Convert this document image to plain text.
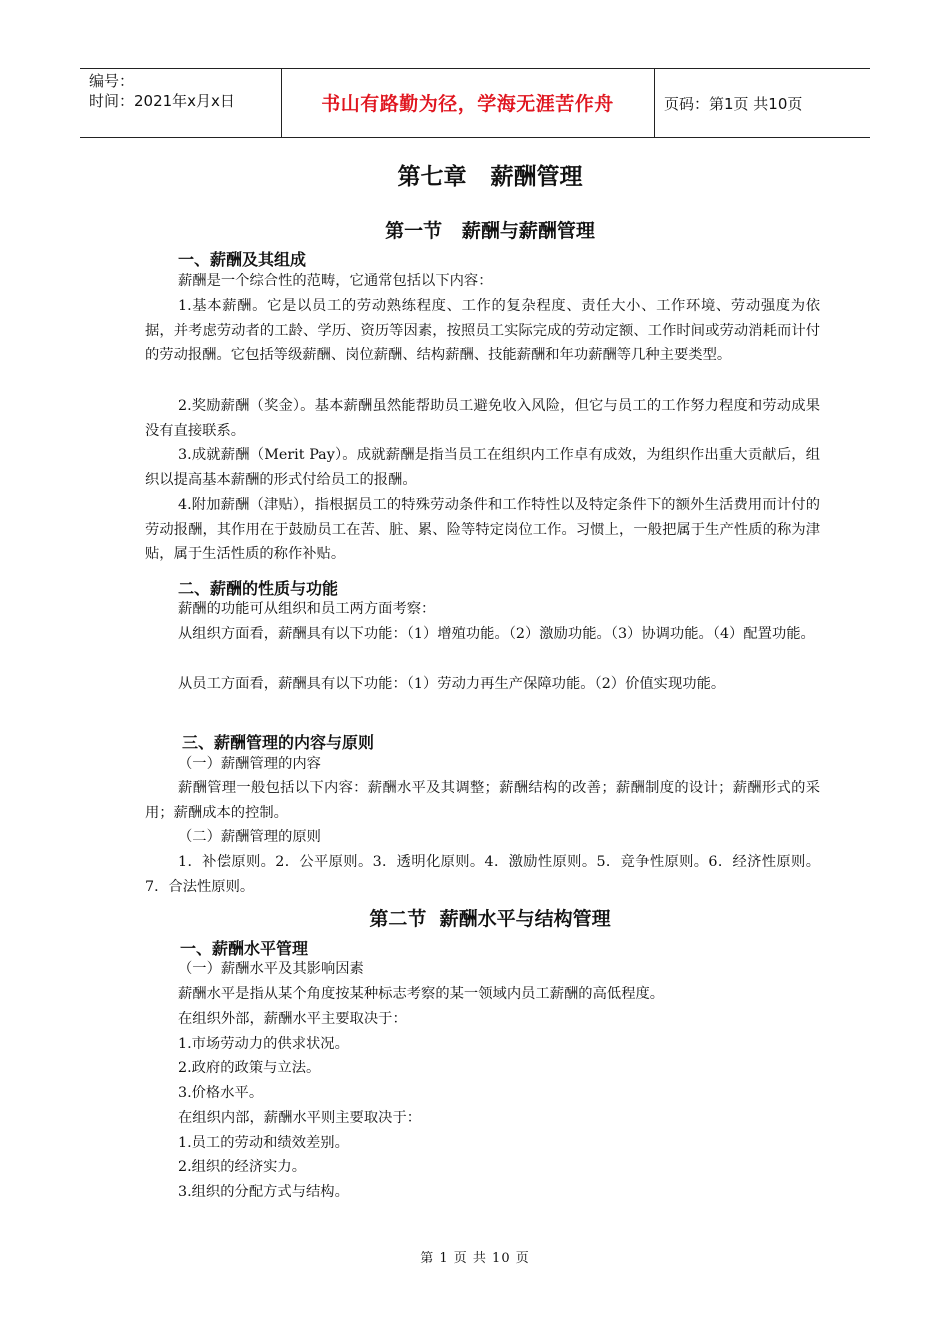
编号：
时间：2021年x月x日	书山有路勤为径，学海无涯苦作舟	页码：第1页 共10页
第七章   薪酬管理
第一节   薪酬与薪酬管理
一、薪酬及其组成

薪酬是一个综合性的范畴，它通常包括以下内容：

1.基本薪酬。它是以员工的劳动熟练程度、工作的复杂程度、责任大小、工作环境、劳动强度为依据，并考虑劳动者的工龄、学历、资历等因素，按照员工实际完成的劳动定额、工作时间或劳动消耗而计付的劳动报酬。它包括等级薪酬、岗位薪酬、结构薪酬、技能薪酬和年功薪酬等几种主要类型。

2.奖励薪酬（奖金）。基本薪酬虽然能帮助员工避免收入风险，但它与员工的工作努力程度和劳动成果没有直接联系。

3.成就薪酬（Merit Pay）。成就薪酬是指当员工在组织内工作卓有成效，为组织作出重大贡献后，组织以提高基本薪酬的形式付给员工的报酬。

4.附加薪酬（津贴），指根据员工的特殊劳动条件和工作特性以及特定条件下的额外生活费用而计付的劳动报酬，其作用在于鼓励员工在苦、脏、累、险等特定岗位工作。习惯上，一般把属于生产性质的称为津贴，属于生活性质的称作补贴。

二、薪酬的性质与功能

薪酬的功能可从组织和员工两方面考察：

从组织方面看，薪酬具有以下功能：（1）增殖功能。（2）激励功能。（3）协调功能。（4）配置功能。

从员工方面看，薪酬具有以下功能：（1）劳动力再生产保障功能。（2）价值实现功能。

三、薪酬管理的内容与原则

（一）薪酬管理的内容

薪酬管理一般包括以下内容：薪酬水平及其调整；薪酬结构的改善；薪酬制度的设计；薪酬形式的采用；薪酬成本的控制。

（二）薪酬管理的原则

1．补偿原则。2．公平原则。3．透明化原则。4．激励性原则。5．竞争性原则。6．经济性原则。7．合法性原则。

第二节  薪酬水平与结构管理
一、薪酬水平管理
（一）薪酬水平及其影响因素
薪酬水平是指从某个角度按某种标志考察的某一领域内员工薪酬的高低程度。
在组织外部，薪酬水平主要取决于：
1.市场劳动力的供求状况。
2.政府的政策与立法。
3.价格水平。
在组织内部，薪酬水平则主要取决于：
1.员工的劳动和绩效差别。
2.组织的经济实力。
3.组织的分配方式与结构。
第 1 页 共 10 页
